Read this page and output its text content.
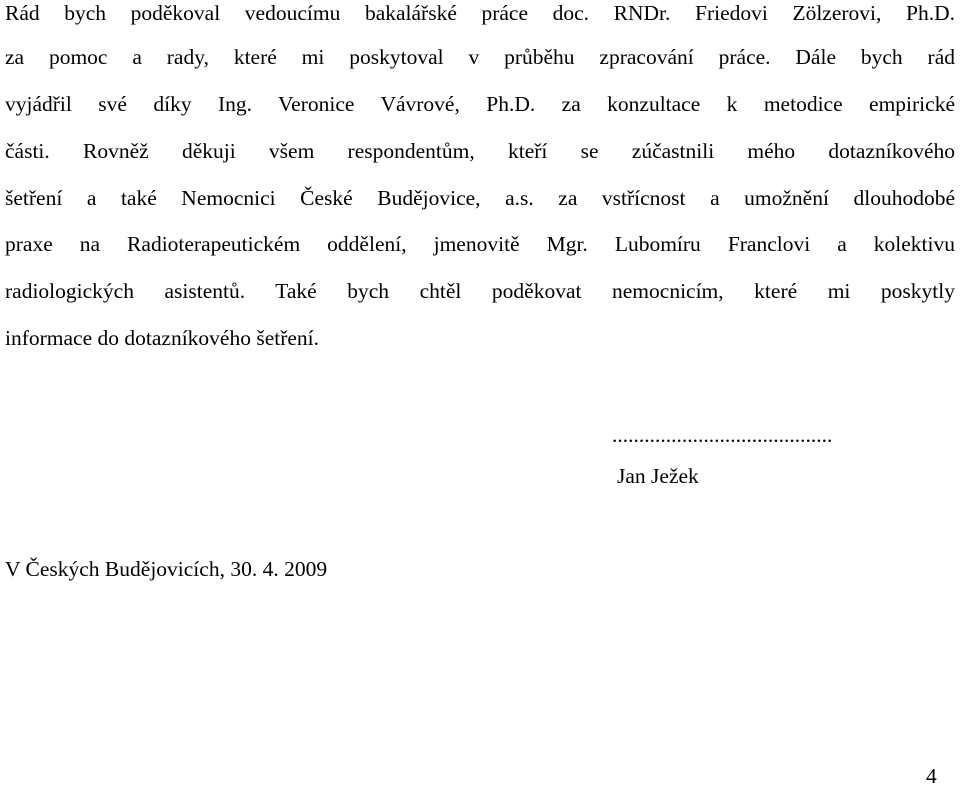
Rád bych poděkoval vedoucímu bakalářské práce doc. RNDr. Friedovi Zölzerovi, Ph.D.
za pomoc a rady, které mi poskytoval v průběhu zpracování práce. Dále bych rád
vyjádřil své díky Ing. Veronice Vávrové, Ph.D. za konzultace k metodice empirické
části. Rovněž děkuji všem respondentům, kteří se zúčastnili mého dotazníkového
šetření a také Nemocnici České Budějovice, a.s. za vstřícnost a umožnění dlouhodobé
praxe na Radioterapeutickém oddělení, jmenovitě Mgr. Lubomíru Franclovi a kolektivu
radiologických asistentů. Také bych chtěl poděkovat nemocnicím, které mi poskytly
informace do dotazníkového šetření.
.........................................
Jan Ježek
V Českých Budějovicích, 30. 4. 2009
4
